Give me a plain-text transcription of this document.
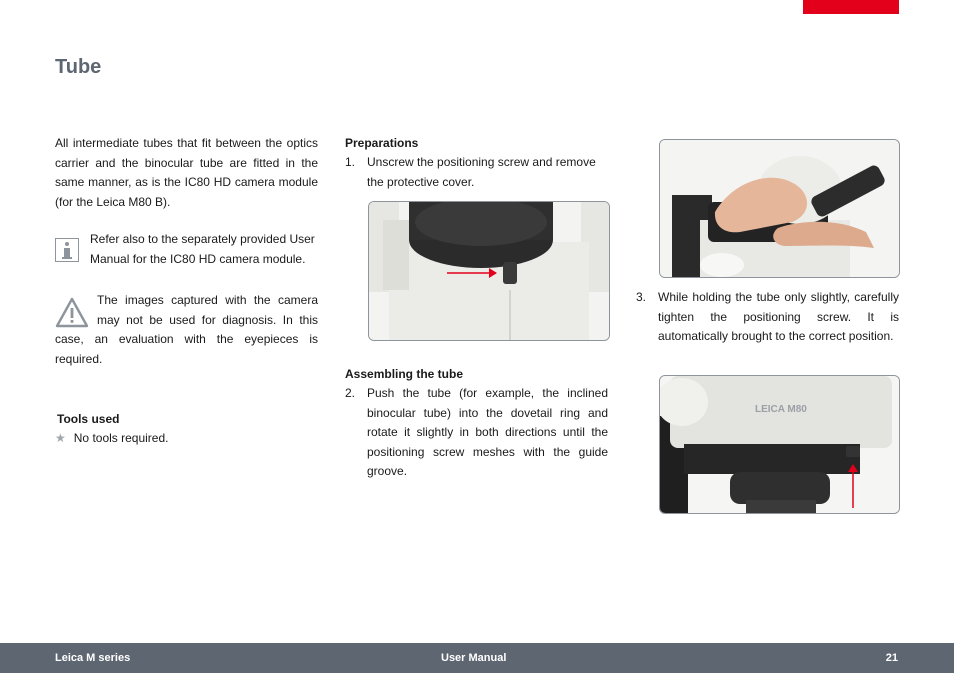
Tube

All intermediate tubes that fit between the optics carrier and the binocular tube are fitted in the same manner, as is the IC80 HD camera module (for the Leica M80 B).

Refer also to the separately provided User Manual for the IC80 HD camera module.
The images captured with the camera may not be used for diagnosis. In this case, an evaluation with the eyepieces is required.
Tools used
★ No tools required.
Preparations
1. Unscrew the positioning screw and remove the protective cover.
Assembling the tube
2. Push the tube (for example, the inclined binocular tube) into the dovetail ring and rotate it slightly in both directions until the positioning screw meshes with the guide groove.
3. While holding the tube only slightly, carefully tighten the positioning screw. It is automatically brought to the correct position.
LEICA M80
Leica M series	User Manual	21
